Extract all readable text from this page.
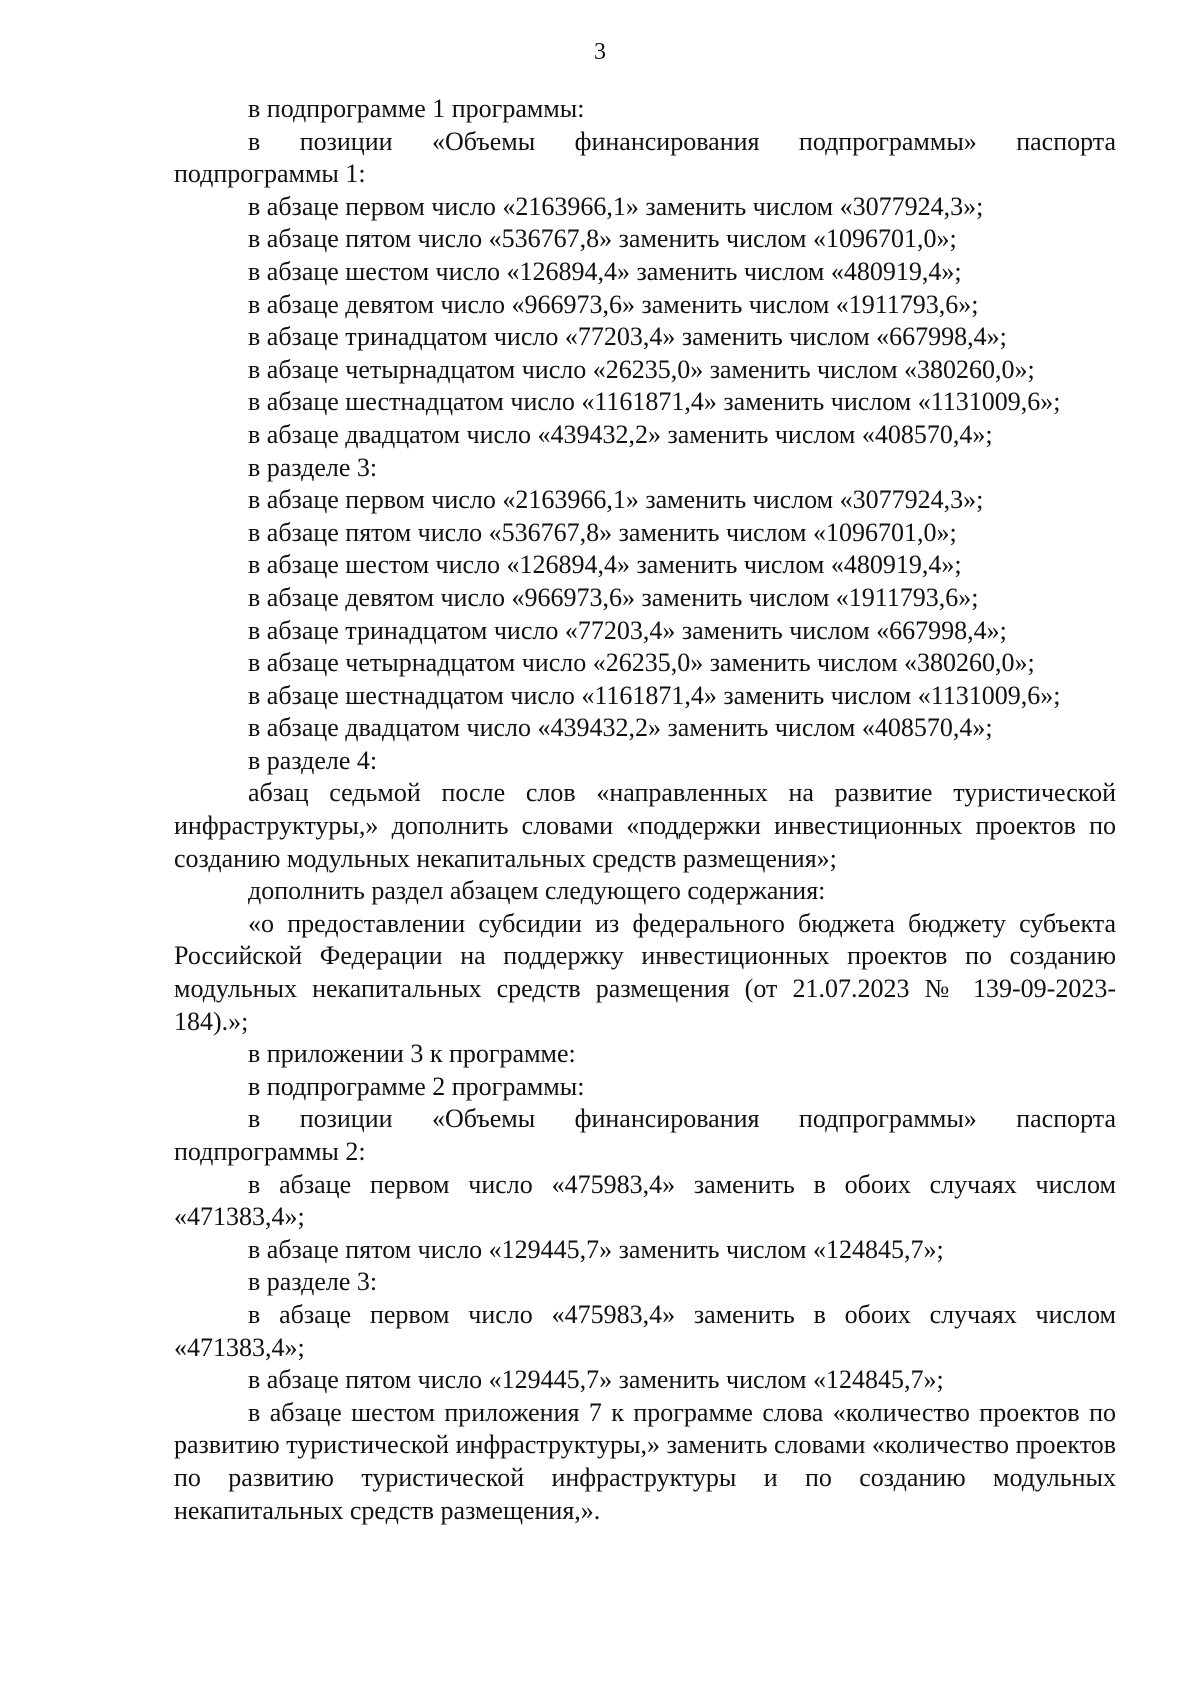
3

в подпрограмме 1 программы:

в позиции «Объемы финансирования подпрограммы» паспорта подпрограммы 1:

в абзаце первом число «2163966,1» заменить числом «3077924,3»;

в абзаце пятом число «536767,8» заменить числом «1096701,0»;

в абзаце шестом число «126894,4» заменить числом «480919,4»;

в абзаце девятом число «966973,6» заменить числом «1911793,6»;

в абзаце тринадцатом число «77203,4» заменить числом «667998,4»;

в абзаце четырнадцатом число «26235,0» заменить числом «380260,0»;

в абзаце шестнадцатом число «1161871,4» заменить числом «1131009,6»;

в абзаце двадцатом число «439432,2» заменить числом «408570,4»;

в разделе 3:

в абзаце первом число «2163966,1» заменить числом «3077924,3»;

в абзаце пятом число «536767,8» заменить числом «1096701,0»;

в абзаце шестом число «126894,4» заменить числом «480919,4»;

в абзаце девятом число «966973,6» заменить числом «1911793,6»;

в абзаце тринадцатом число «77203,4» заменить числом «667998,4»;

в абзаце четырнадцатом число «26235,0» заменить числом «380260,0»;

в абзаце шестнадцатом число «1161871,4» заменить числом «1131009,6»;

в абзаце двадцатом число «439432,2» заменить числом «408570,4»;

в разделе 4:

абзац седьмой после слов «направленных на развитие туристической инфраструктуры,» дополнить словами «поддержки инвестиционных проектов по созданию модульных некапитальных средств размещения»;

дополнить раздел абзацем следующего содержания:

«о предоставлении субсидии из федерального бюджета бюджету субъекта Российской Федерации на поддержку инвестиционных проектов по созданию модульных некапитальных средств размещения (от 21.07.2023 № 139-09-2023-184).»;

в приложении 3 к программе:

в подпрограмме 2 программы:

в позиции «Объемы финансирования подпрограммы» паспорта подпрограммы 2:

в абзаце первом число «475983,4» заменить в обоих случаях числом «471383,4»;

в абзаце пятом число «129445,7» заменить числом «124845,7»;

в разделе 3:

в абзаце первом число «475983,4» заменить в обоих случаях числом «471383,4»;

в абзаце пятом число «129445,7» заменить числом «124845,7»;

в абзаце шестом приложения 7 к программе слова «количество проектов по развитию туристической инфраструктуры,» заменить словами «количество проектов по развитию туристической инфраструктуры и по созданию модульных некапитальных средств размещения,».
